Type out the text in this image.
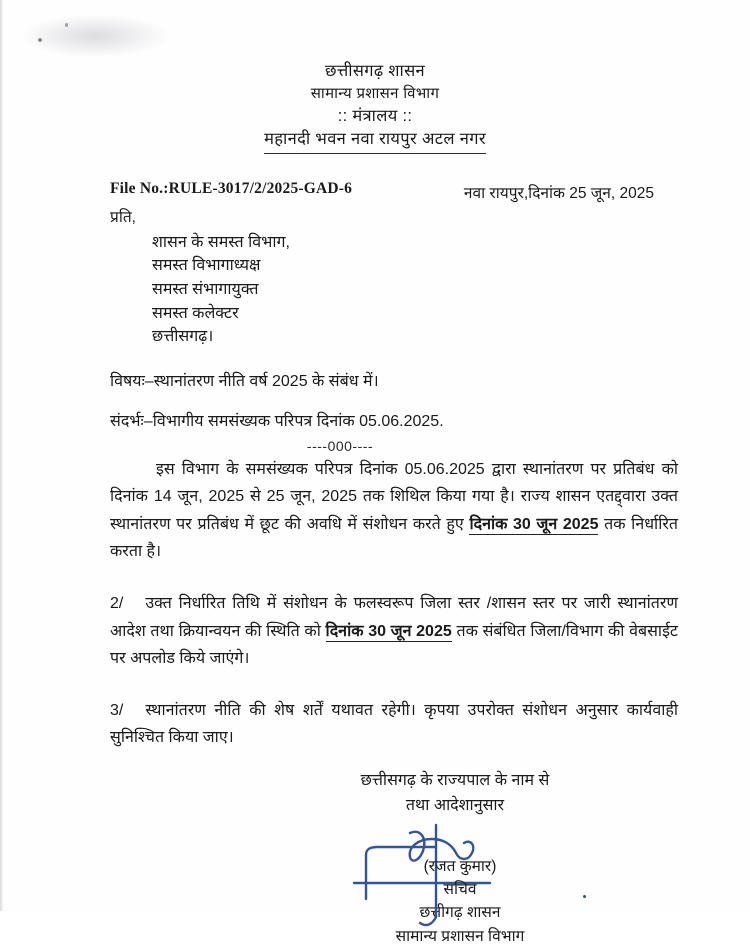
छत्तीसगढ़ शासन
सामान्य प्रशासन विभाग
:: मंत्रालय ::
महानदी भवन नवा रायपुर अटल नगर
File No.:RULE-3017/2/2025-GAD-6	नवा रायपुर,दिनांक 25 जून, 2025
प्रति,
शासन के समस्त विभाग,
समस्त विभागाध्यक्ष
समस्त संभागायुक्त
समस्त कलेक्टर
छत्तीसगढ़।
विषयः–स्थानांतरण नीति वर्ष 2025 के संबंध में।
संदर्भः–विभागीय समसंख्यक परिपत्र दिनांक 05.06.2025.
----000----
इस विभाग के समसंख्यक परिपत्र दिनांक 05.06.2025 द्वारा स्थानांतरण पर प्रतिबंध को दिनांक 14 जून, 2025 से 25 जून, 2025 तक शिथिल किया गया है। राज्य शासन एतद्द्वारा उक्त स्थानांतरण पर प्रतिबंध में छूट की अवधि में संशोधन करते हुए दिनांक 30 जून 2025 तक निर्धारित करता है।
2/ उक्त निर्धारित तिथि में संशोधन के फलस्वरूप जिला स्तर /शासन स्तर पर जारी स्थानांतरण आदेश तथा क्रियान्वयन की स्थिति को दिनांक 30 जून 2025 तक संबंधित जिला/विभाग की वेबसाईट पर अपलोड किये जाएंगे।
3/ स्थानांतरण नीति की शेष शर्तें यथावत रहेगी। कृपया उपरोक्त संशोधन अनुसार कार्यवाही सुनिश्चित किया जाए।
छत्तीसगढ़ के राज्यपाल के नाम से
तथा आदेशानुसार
(रजत कुमार)
सचिव
छत्तीगढ़ शासन
सामान्य प्रशासन विभाग
